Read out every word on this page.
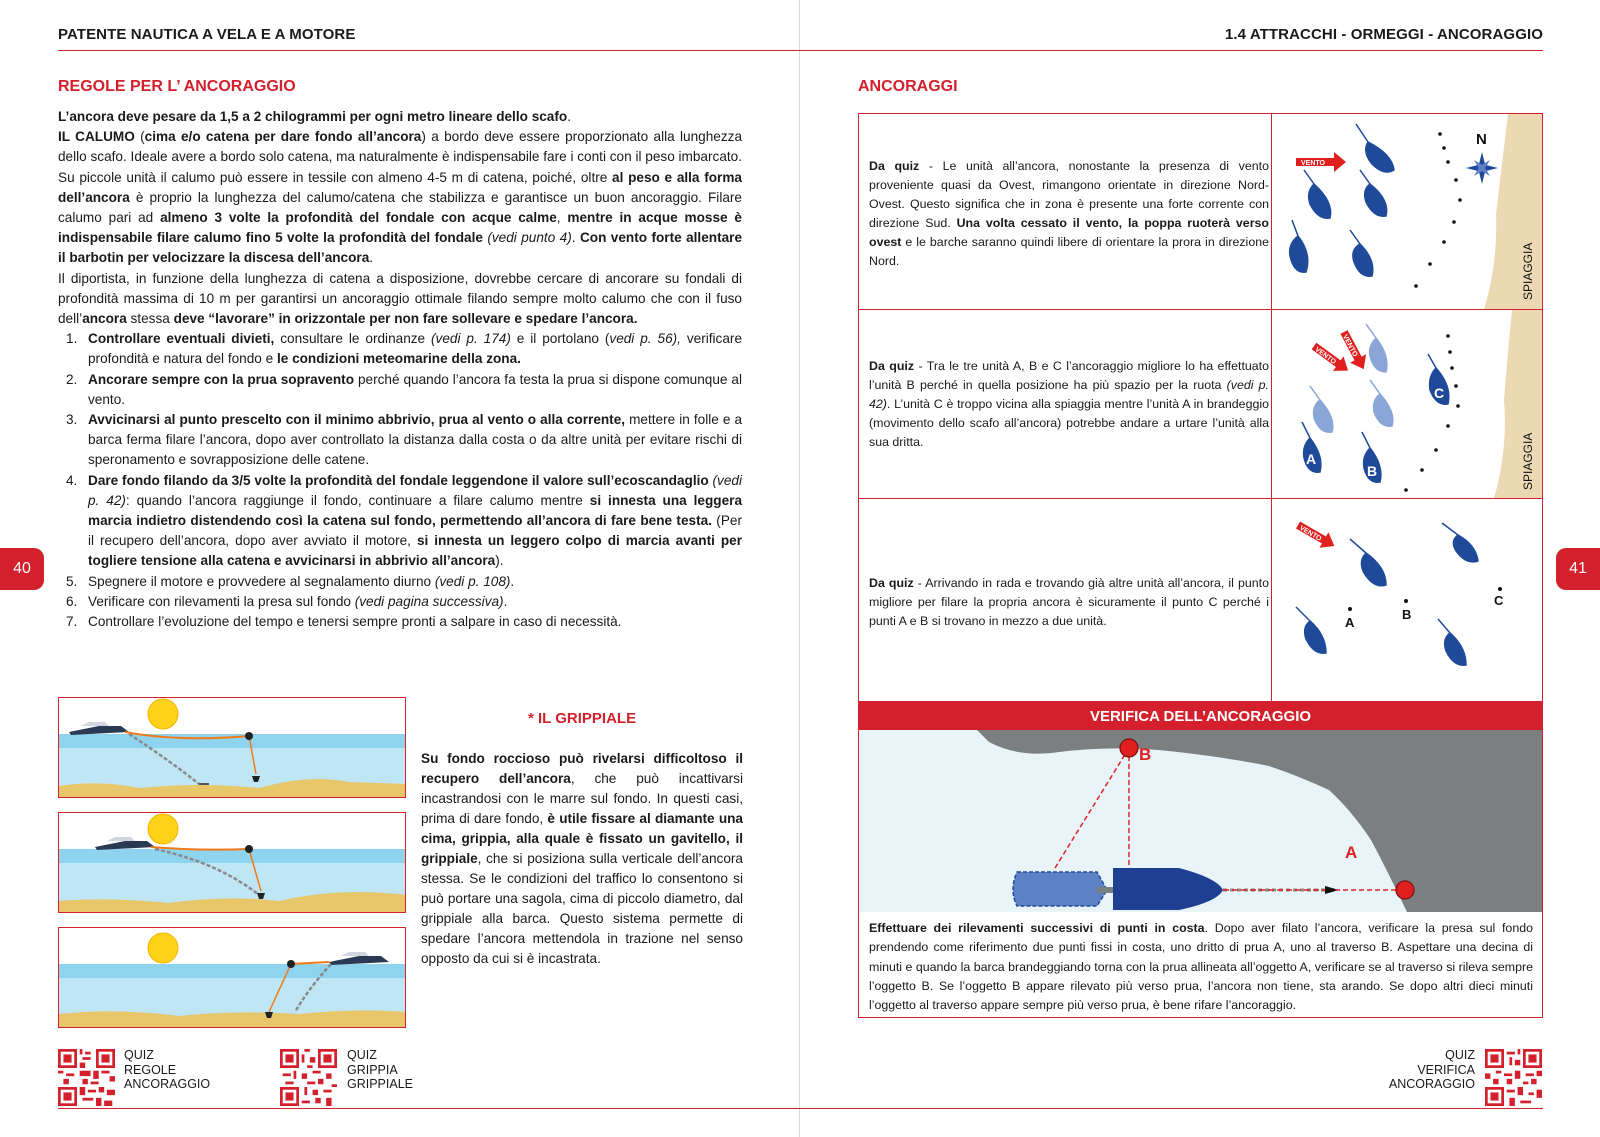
PATENTE NAUTICA A VELA E A MOTORE
40
REGOLE PER L’ ANCORAGGIO

L’ancora deve pesare da 1,5 a 2 chilogrammi per ogni metro lineare dello scafo.

IL CALUMO (cima e/o catena per dare fondo all’ancora) a bordo deve essere proporzionato alla lunghezza dello scafo. Ideale avere a bordo solo catena, ma naturalmente è indispensabile fare i conti con il peso imbarcato. Su piccole unità il calumo può essere in tessile con almeno 4-5 m di catena, poiché, oltre al peso e alla forma dell’ancora è proprio la lunghezza del calumo/catena che stabilizza e garantisce un buon ancoraggio. Filare calumo pari ad almeno 3 volte la profondità del fondale con acque calme, mentre in acque mosse è indispensabile filare calumo fino 5 volte la profondità del fondale (vedi punto 4). Con vento forte allentare il barbotin per velocizzare la discesa dell’ancora.

Il diportista, in funzione della lunghezza di catena a disposizione, dovrebbe cercare di ancorare su fondali di profondità massima di 10 m per garantirsi un ancoraggio ottimale filando sempre molto calumo che con il fuso dell’ancora stessa deve “lavorare” in orizzontale per non fare sollevare e spedare l’ancora.

1. Controllare eventuali divieti, consultare le ordinanze (vedi p. 174) e il portolano (vedi p. 56), verificare profondità e natura del fondo e le condizioni meteomarine della zona.
2. Ancorare sempre con la prua sopravento perché quando l’ancora fa testa la prua si dispone comunque al vento.
3. Avvicinarsi al punto prescelto con il minimo abbrivio, prua al vento o alla corrente, mettere in folle e a barca ferma filare l’ancora, dopo aver controllato la distanza dalla costa o da altre unità per evitare rischi di speronamento e sovrapposizione delle catene.
4. Dare fondo filando da 3/5 volte la profondità del fondale leggendone il valore sull’ecoscandaglio (vedi p. 42): quando l’ancora raggiunge il fondo, continuare a filare calumo mentre si innesta una leggera marcia indietro distendendo così la catena sul fondo, permettendo all’ancora di fare bene testa. (Per il recupero dell’ancora, dopo aver avviato il motore, si innesta un leggero colpo di marcia avanti per togliere tensione alla catena e avvicinarsi in abbrivio all’ancora).
5. Spegnere il motore e provvedere al segnalamento diurno (vedi p. 108).
6. Verificare con rilevamenti la presa sul fondo (vedi pagina successiva).
7. Controllare l’evoluzione del tempo e tenersi sempre pronti a salpare in caso di necessità.
* IL GRIPPIALE
Su fondo roccioso può rivelarsi difficoltoso il recupero dell’ancora, che può incattivarsi incastrandosi con le marre sul fondo. In questi casi, prima di dare fondo, è utile fissare al diamante una cima, grippia, alla quale è fissato un gavitello, il grippiale, che si posiziona sulla verticale dell’ancora stessa. Se le condizioni del traffico lo consentono si può portare una sagola, cima di piccolo diametro, dal grippiale alla barca. Questo sistema permette di spedare l’ancora mettendola in trazione nel senso opposto da cui si è incastrata.
QUIZ
REGOLE
ANCORAGGIO
QUIZ
GRIPPIA
GRIPPIALE
1.4 ATTRACCHI - ORMEGGI - ANCORAGGIO
41
ANCORAGGI
Da quiz - Le unità all’ancora, nonostante la presenza di vento proveniente quasi da Ovest, rimangono orientate in direzione Nord-Ovest. Questo significa che in zona è presente una forte corrente con direzione Sud. Una volta cessato il vento, la poppa ruoterà verso ovest e le barche saranno quindi libere di orientare la prora in direzione Nord.
Da quiz - Tra le tre unità A, B e C l’ancoraggio migliore lo ha effettuato l’unità B perché in quella posizione ha più spazio per la ruota (vedi p. 42). L’unità C è troppo vicina alla spiaggia mentre l’unità A in brandeggio (movimento dello scafo all’ancora) potrebbe andare a urtare l’unità alla sua dritta.
Da quiz - Arrivando in rada e trovando già altre unità all’ancora, il punto migliore per filare la propria ancora è sicuramente il punto C perché i punti A e B si trovano in mezzo a due unità.
VENTO
N
SPIAGGIA
VENTO VENTO
C
A
B	SPIAGGIA
VENTO
A
B
C
VERIFICA DELL’ANCORAGGIO
B
A
Effettuare dei rilevamenti successivi di punti in costa. Dopo aver filato l’ancora, verificare la presa sul fondo prendendo come riferimento due punti fissi in costa, uno dritto di prua A, uno al traverso B. Aspettare una decina di minuti e quando la barca brandeggiando torna con la prua allineata all’oggetto A, verificare se al traverso si rileva sempre l’oggetto B. Se l’oggetto B appare rilevato più verso prua, l’ancora non tiene, sta arando. Se dopo altri dieci minuti l’oggetto al traverso appare sempre più verso prua, è bene rifare l’ancoraggio.
QUIZ
VERIFICA
ANCORAGGIO
